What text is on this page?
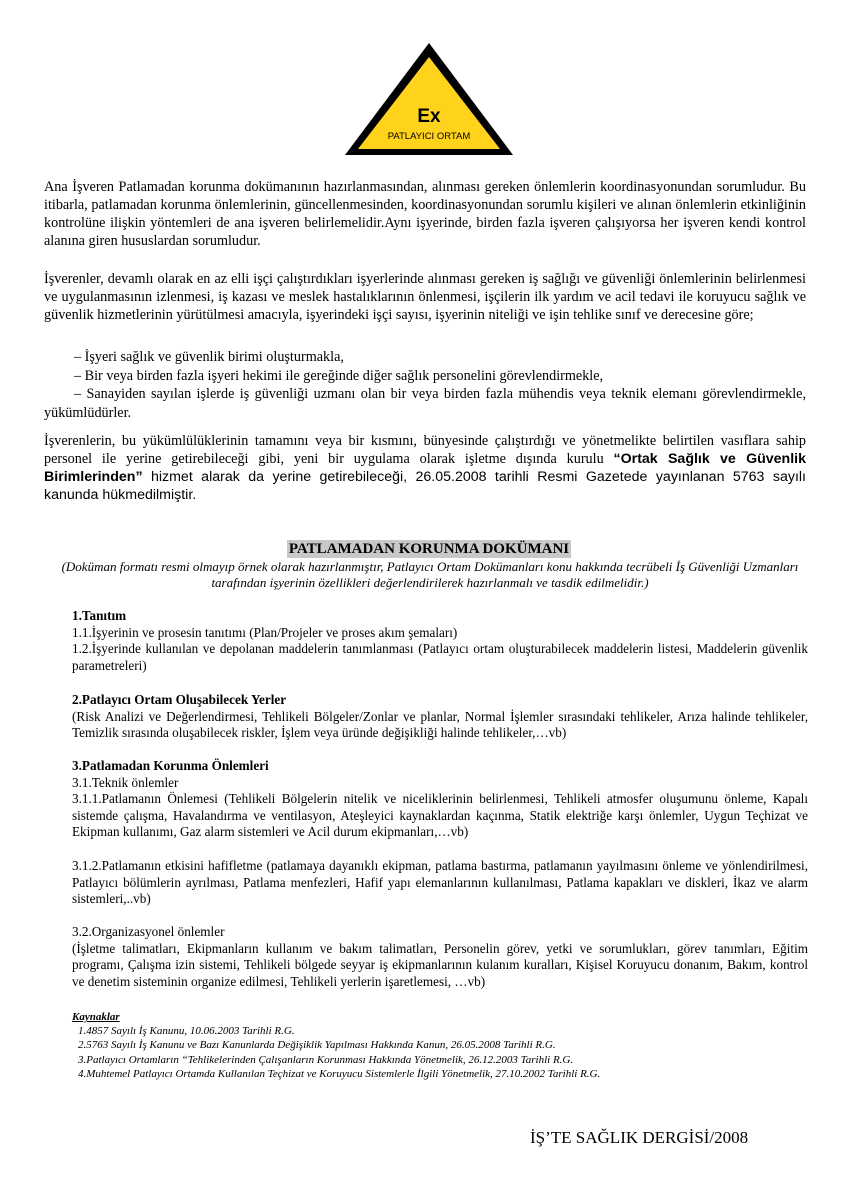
Ex
PATLAYICI ORTAM

Ana İşveren Patlamadan korunma dokümanının hazırlanmasından, alınması gereken önlemlerin koordinasyonundan sorumludur. Bu itibarla, patlamadan korunma önlemlerinin, güncellenmesinden, koordinasyonundan sorumlu kişileri ve alınan önlemlerin etkinliğinin kontrolüne ilişkin yöntemleri de ana işveren belirlemelidir.Aynı işyerinde, birden fazla işveren çalışıyorsa her işveren kendi kontrol alanına giren hususlardan sorumludur.

İşverenler, devamlı olarak en az elli işçi çalıştırdıkları işyerlerinde alınması gereken iş sağlığı ve güvenliği önlemlerinin belirlenmesi ve uygulanmasının izlenmesi, iş kazası ve meslek hastalıklarının önlenmesi, işçilerin ilk yardım ve acil tedavi ile koruyucu sağlık ve güvenlik hizmetlerinin yürütülmesi amacıyla, işyerindeki işçi sayısı, işyerinin niteliği ve işin tehlike sınıf ve derecesine göre;

– İşyeri sağlık ve güvenlik birimi oluşturmakla,
– Bir veya birden fazla işyeri hekimi ile gereğinde diğer sağlık personelini görevlendirmekle,
– Sanayiden sayılan işlerde iş güvenliği uzmanı olan bir veya birden fazla mühendis veya teknik elemanı görevlendirmekle, yükümlüdürler.

İşverenlerin, bu yükümlülüklerinin tamamını veya bir kısmını, bünyesinde çalıştırdığı ve yönetmelikte belirtilen vasıflara sahip personel ile yerine getirebileceği gibi, yeni bir uygulama olarak işletme dışında kurulu “Ortak Sağlık ve Güvenlik Birimlerinden” hizmet alarak da yerine getirebileceği, 26.05.2008 tarihli Resmi Gazetede yayınlanan 5763 sayılı kanunda hükmedilmiştir.

PATLAMADAN KORUNMA DOKÜMANI
(Doküman formatı resmi olmayıp örnek olarak hazırlanmıştır, Patlayıcı Ortam Dokümanları konu hakkında tecrübeli İş Güvenliği Uzmanları tarafından işyerinin özellikleri değerlendirilerek hazırlanmalı ve tasdik edilmelidir.)
1.Tanıtım
1.1.İşyerinin ve prosesin tanıtımı (Plan/Projeler ve proses akım şemaları)
1.2.İşyerinde kullanılan ve depolanan maddelerin tanımlanması (Patlayıcı ortam oluşturabilecek maddelerin listesi, Maddelerin güvenlik parametreleri)
2.Patlayıcı Ortam Oluşabilecek Yerler
(Risk Analizi ve Değerlendirmesi, Tehlikeli Bölgeler/Zonlar ve planlar, Normal İşlemler sırasındaki tehlikeler, Arıza halinde tehlikeler, Temizlik sırasında oluşabilecek riskler, İşlem veya üründe değişikliği halinde tehlikeler,…vb)
3.Patlamadan Korunma Önlemleri
3.1.Teknik önlemler
3.1.1.Patlamanın Önlemesi (Tehlikeli Bölgelerin nitelik ve niceliklerinin belirlenmesi, Tehlikeli atmosfer oluşumunu önleme, Kapalı sistemde çalışma, Havalandırma ve ventilasyon, Ateşleyici kaynaklardan kaçınma, Statik elektriğe karşı önlemler, Uygun Teçhizat ve Ekipman kullanımı, Gaz alarm sistemleri ve Acil durum ekipmanları,…vb)
3.1.2.Patlamanın etkisini hafifletme (patlamaya dayanıklı ekipman, patlama bastırma, patlamanın yayılmasını önleme ve yönlendirilmesi, Patlayıcı bölümlerin ayrılması, Patlama menfezleri, Hafif yapı elemanlarının kullanılması, Patlama kapakları ve diskleri, İkaz ve alarm sistemleri,..vb)
3.2.Organizasyonel önlemler
(İşletme talimatları, Ekipmanların kullanım ve bakım talimatları, Personelin görev, yetki ve sorumlukları, görev tanımları, Eğitim programı, Çalışma izin sistemi, Tehlikeli bölgede seyyar iş ekipmanlarının kulanım kuralları, Kişisel Koruyucu donanım, Bakım, kontrol ve denetim sisteminin organize edilmesi, Tehlikeli yerlerin işaretlemesi, …vb)
Kaynaklar
1.4857 Sayılı İş Kanunu, 10.06.2003 Tarihli R.G.
2.5763 Sayılı İş Kanunu ve Bazı Kanunlarda Değişiklik Yapılması Hakkında Kanun, 26.05.2008 Tarihli R.G.
3.Patlayıcı Ortamların “Tehlikelerinden Çalışanların Korunması Hakkında Yönetmelik, 26.12.2003 Tarihli R.G.
4.Muhtemel Patlayıcı Ortamda Kullanılan Teçhizat ve Koruyucu Sistemlerle İlgili Yönetmelik, 27.10.2002 Tarihli R.G.
İŞ’TE SAĞLIK DERGİSİ/2008
